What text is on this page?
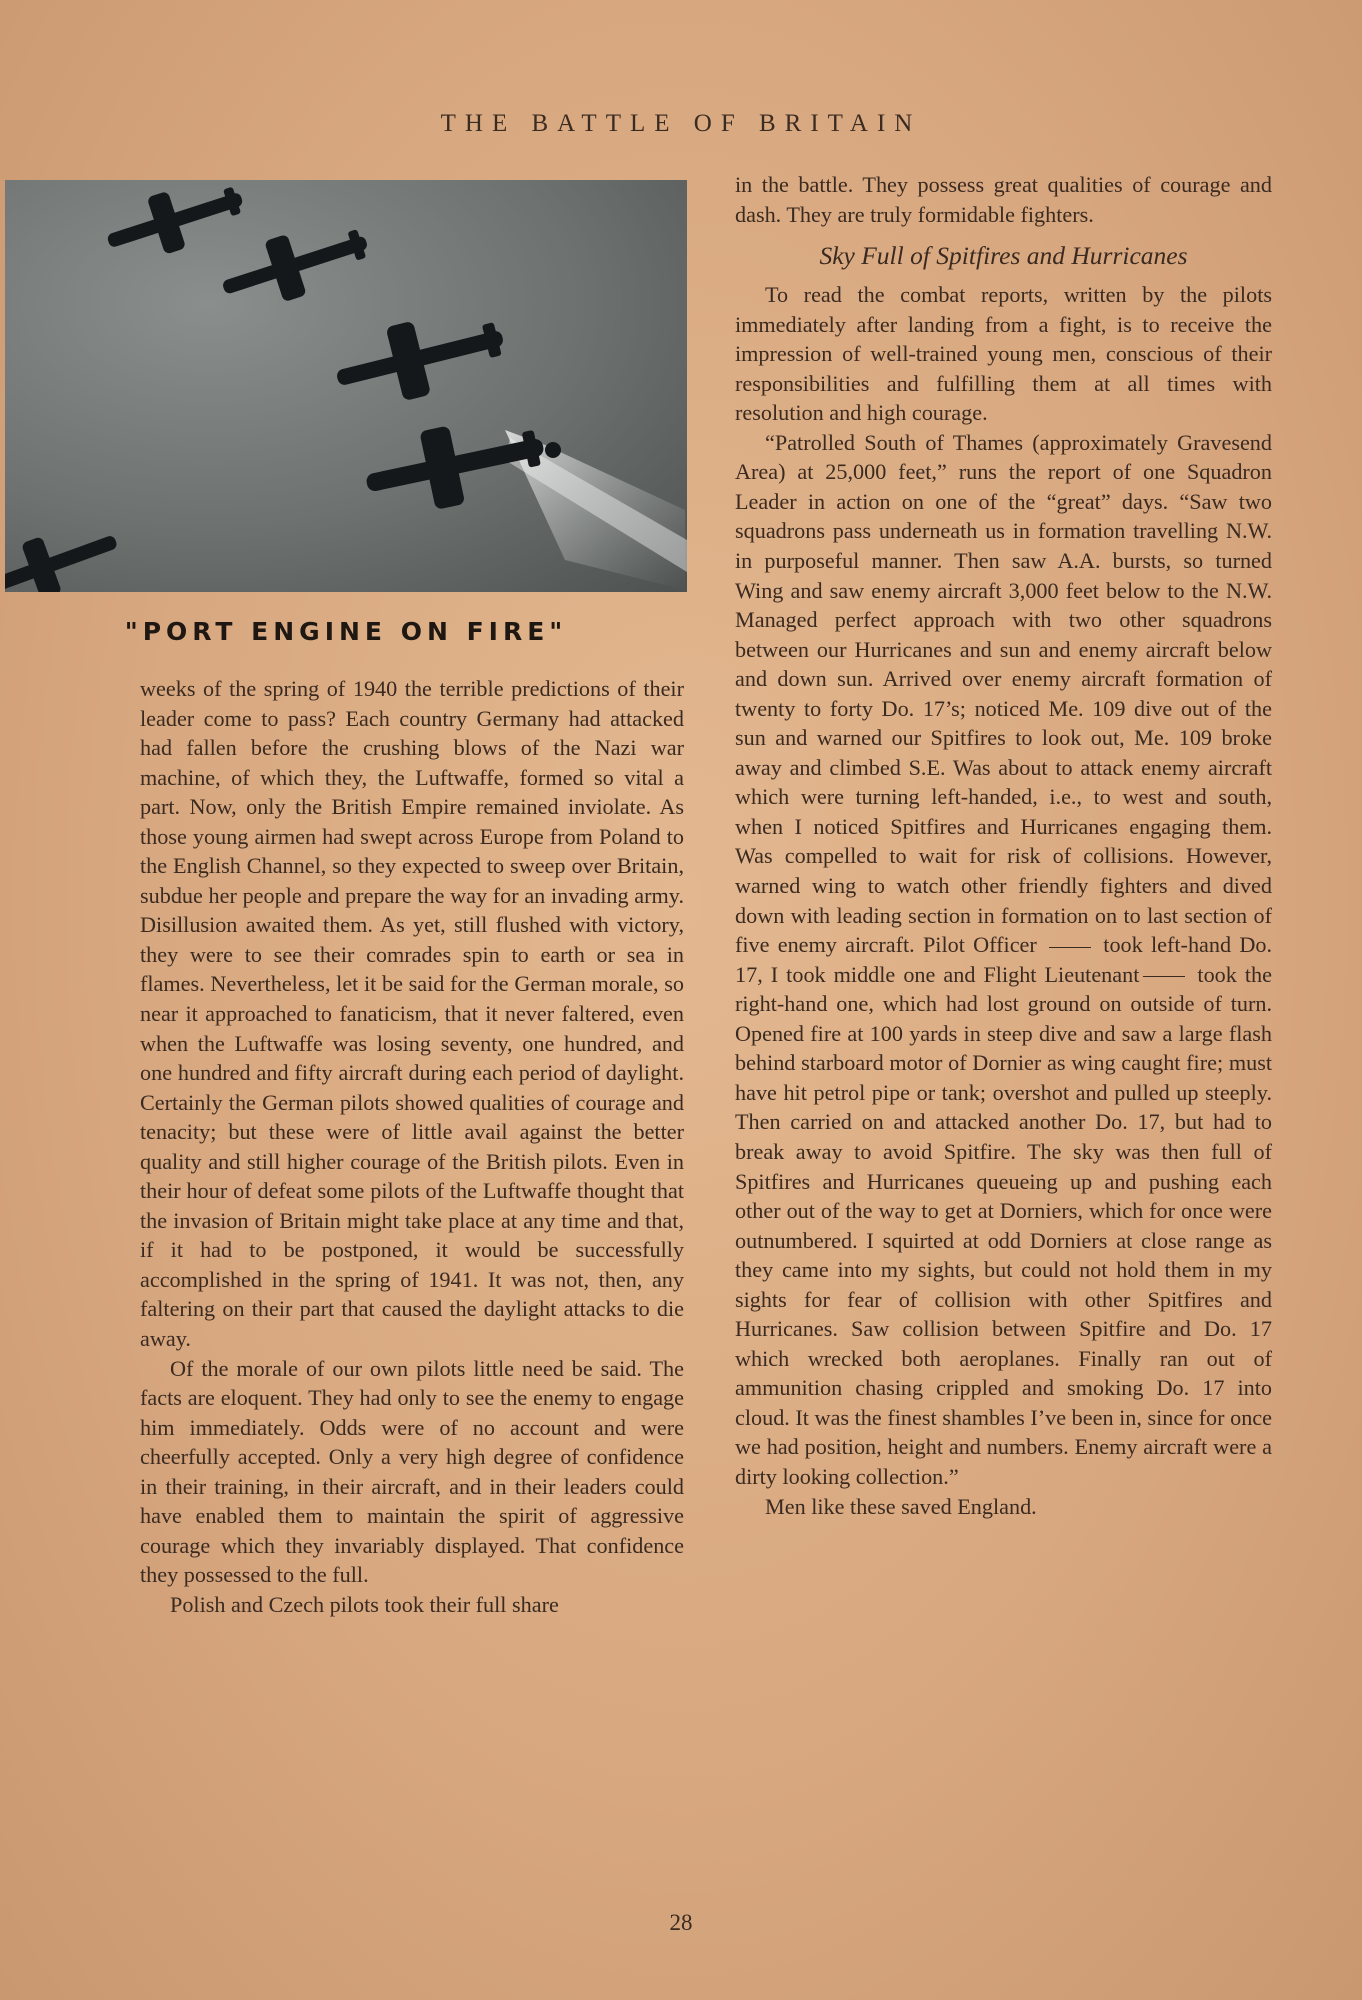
THE BATTLE OF BRITAIN
"PORT ENGINE ON FIRE"

weeks of the spring of 1940 the terrible predictions of their leader come to pass? Each country Germany had attacked had fallen before the crushing blows of the Nazi war machine, of which they, the Luftwaffe, formed so vital a part. Now, only the British Empire remained inviolate. As those young airmen had swept across Europe from Poland to the English Channel, so they expected to sweep over Britain, subdue her people and prepare the way for an invading army. Disillusion awaited them. As yet, still flushed with victory, they were to see their comrades spin to earth or sea in flames. Nevertheless, let it be said for the German morale, so near it approached to fanaticism, that it never faltered, even when the Luftwaffe was losing seventy, one hundred, and one hundred and fifty aircraft during each period of daylight. Certainly the German pilots showed qualities of courage and tenacity; but these were of little avail against the better quality and still higher courage of the British pilots. Even in their hour of defeat some pilots of the Luftwaffe thought that the invasion of Britain might take place at any time and that, if it had to be postponed, it would be successfully accomplished in the spring of 1941. It was not, then, any faltering on their part that caused the daylight attacks to die away.

Of the morale of our own pilots little need be said. The facts are eloquent. They had only to see the enemy to engage him immediately. Odds were of no account and were cheerfully accepted. Only a very high degree of confidence in their training, in their aircraft, and in their leaders could have enabled them to maintain the spirit of aggressive courage which they invariably displayed. That confidence they possessed to the full.

Polish and Czech pilots took their full share

in the battle. They possess great qualities of courage and dash. They are truly formidable fighters.

Sky Full of Spitfires and Hurricanes

To read the combat reports, written by the pilots immediately after landing from a fight, is to receive the impression of well-trained young men, conscious of their responsibilities and fulfilling them at all times with resolution and high courage.

“Patrolled South of Thames (approximately Gravesend Area) at 25,000 feet,” runs the report of one Squadron Leader in action on one of the “great” days. “Saw two squadrons pass underneath us in formation travelling N.W. in purposeful manner. Then saw A.A. bursts, so turned Wing and saw enemy aircraft 3,000 feet below to the N.W. Managed perfect approach with two other squadrons between our Hurricanes and sun and enemy aircraft below and down sun. Arrived over enemy aircraft formation of twenty to forty Do. 17’s; noticed Me. 109 dive out of the sun and warned our Spitfires to look out, Me. 109 broke away and climbed S.E. Was about to attack enemy aircraft which were turning left-handed, i.e., to west and south, when I noticed Spitfires and Hurricanes engaging them. Was compelled to wait for risk of collisions. However, warned wing to watch other friendly fighters and dived down with leading section in formation on to last section of five enemy aircraft. Pilot Officer	took left-hand Do. 17, I took middle one and Flight Lieutenant	took the right-hand one, which had lost ground on outside of turn. Opened fire at 100 yards in steep dive and saw a large flash behind starboard motor of Dornier as wing caught fire; must have hit petrol pipe or tank; overshot and pulled up steeply. Then carried on and attacked another Do. 17, but had to break away to avoid Spitfire. The sky was then full of Spitfires and Hurricanes queueing up and pushing each other out of the way to get at Dorniers, which for once were outnumbered. I squirted at odd Dorniers at close range as they came into my sights, but could not hold them in my sights for fear of collision with other Spitfires and Hurricanes. Saw collision between Spitfire and Do. 17 which wrecked both aeroplanes. Finally ran out of ammunition chasing crippled and smoking Do. 17 into cloud. It was the finest shambles I’ve been in, since for once we had position, height and numbers. Enemy aircraft were a dirty looking collection.”

Men like these saved England.

28
